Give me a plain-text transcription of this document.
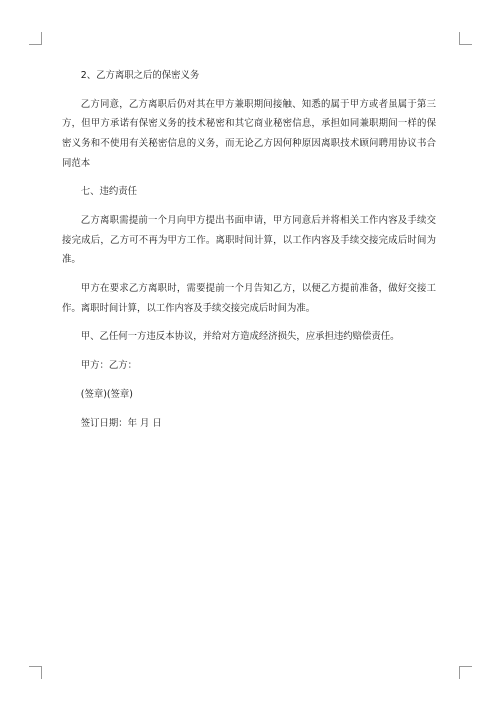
2、乙方离职之后的保密义务

乙方同意，乙方离职后仍对其在甲方兼职期间接触、知悉的属于甲方或者虽属于第三方，但甲方承诺有保密义务的技术秘密和其它商业秘密信息，承担如同兼职期间一样的保密义务和不使用有关秘密信息的义务，而无论乙方因何种原因离职技术顾问聘用协议书合同范本

七、违约责任

乙方离职需提前一个月向甲方提出书面申请，甲方同意后并将相关工作内容及手续交接完成后，乙方可不再为甲方工作。离职时间计算，以工作内容及手续交接完成后时间为准。

甲方在要求乙方离职时，需要提前一个月告知乙方，以便乙方提前准备，做好交接工作。离职时间计算，以工作内容及手续交接完成后时间为准。

甲、乙任何一方违反本协议，并给对方造成经济损失，应承担违约赔偿责任。

甲方：乙方：

(签章)(签章)

签订日期：年 月 日
